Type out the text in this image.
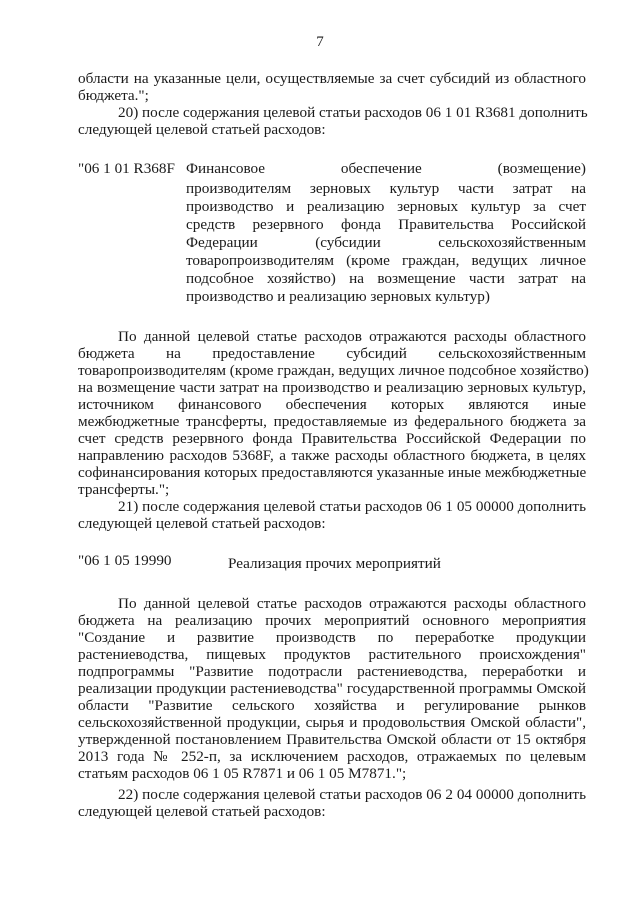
7
области на указанные цели, осуществляемые за счет субсидий из областного
бюджета.";
20) после содержания целевой статьи расходов 06 1 01 R3681 дополнить
следующей целевой статьей расходов:
"06 1 01 R368F Финансовое обеспечение (возмещение)
производителям зерновых культур части затрат на
производство и реализацию зерновых культур за счет
средств резервного фонда Правительства Российской
Федерации (субсидии сельскохозяйственным
товаропроизводителям (кроме граждан, ведущих личное
подсобное хозяйство) на возмещение части затрат на
производство и реализацию зерновых культур)
По данной целевой статье расходов отражаются расходы областного
бюджета на предоставление субсидий сельскохозяйственным
товаропроизводителям (кроме граждан, ведущих личное подсобное хозяйство)
на возмещение части затрат на производство и реализацию зерновых культур,
источником финансового обеспечения которых являются иные
межбюджетные трансферты, предоставляемые из федерального бюджета за
счет средств резервного фонда Правительства Российской Федерации по
направлению расходов 5368F, а также расходы областного бюджета, в целях
софинансирования которых предоставляются указанные иные межбюджетные
трансферты.";
21) после содержания целевой статьи расходов 06 1 05 00000 дополнить
следующей целевой статьей расходов:
"06 1 05 19990	Реализация прочих мероприятий
По данной целевой статье расходов отражаются расходы областного
бюджета на реализацию прочих мероприятий основного мероприятия
"Создание и развитие производств по переработке продукции
растениеводства, пищевых продуктов растительного происхождения"
подпрограммы "Развитие подотрасли растениеводства, переработки и
реализации продукции растениеводства" государственной программы Омской
области "Развитие сельского хозяйства и регулирование рынков
сельскохозяйственной продукции, сырья и продовольствия Омской области",
утвержденной постановлением Правительства Омской области от 15 октября
2013 года № 252-п, за исключением расходов, отражаемых по целевым
статьям расходов 06 1 05 R7871 и 06 1 05 M7871.";
22) после содержания целевой статьи расходов 06 2 04 00000 дополнить
следующей целевой статьей расходов:
